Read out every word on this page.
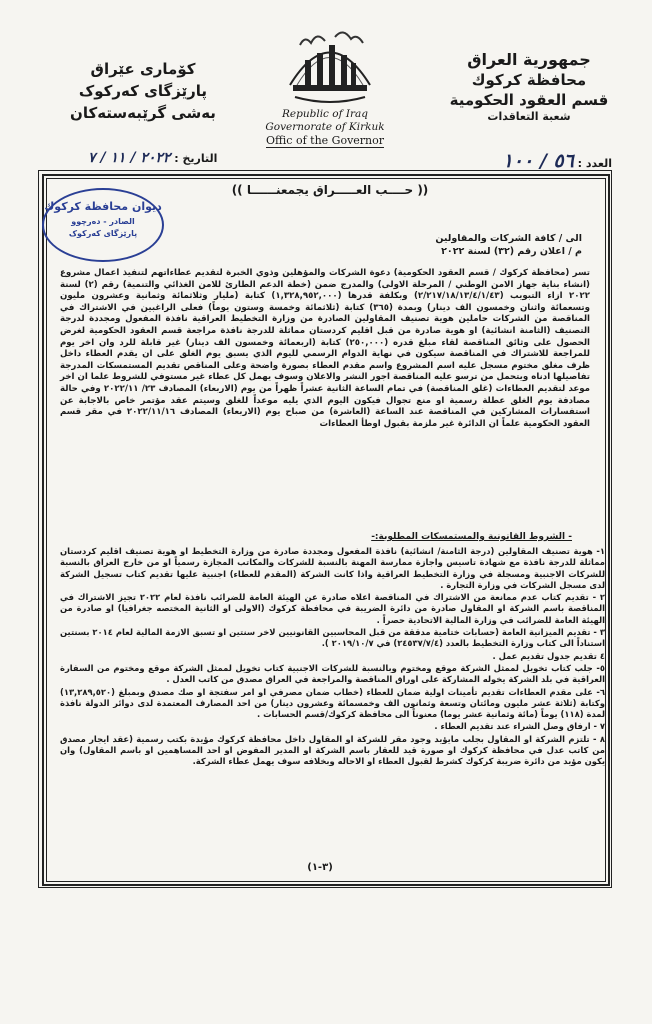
جمهورية العراق
محافظة كركوك
قسم العقود الحكومية
شعبة التعاقدات
کۆماری عێراق
پارێزگای کەرکوک
بەشی گرێبەستەکان	Republic of Iraq
Governorate of Kirkuk
Offic of the Governor
العدد : ٥٦ / ١٠٠
التاريخ : ٢٠٢٢ / ١١ / ٧
(( حــــب العـــــراق يجمعنــــــا ))
ديوان محافظة كركوك
الصادر - دەرچوو
پارێزگای کەرکوک	الى / كافة الشركات والمقاولين
م / اعلان رقم (٣٢) لسنة ٢٠٢٢
تسر (محافظة كركوك / قسم العقود الحكومية) دعوة الشركات والمؤهلين وذوي الخبرة لتقديم عطاءاتهم لتنفيذ اعمال مشروع (انشاء بناية جهاز الامن الوطني / المرحلة الاولى) والمدرج ضمن (خطة الدعم الطارئ للامن الغذائي والتنمية) رقم (٢) لسنة ٢٠٢٢ ازاء التبويب (٢/٢١٧/١٨/١٣/٤/١/٤٣) وبكلفة قدرها (١,٣٢٨,٩٥٢,٠٠٠) كتابة (مليار وثلاثمائة وثمانية وعشرون مليون وتسعمائة واثنان وخمسون الف دينار) وبمدة (٣٦٥) كتابة (ثلاثمائة وخمسة وستون يوماً) فعلى الراغبين في الاشتراك في المناقصة من الشركات حاملين هوية تصنيف المقاولين الصادرة من وزارة التخطيط العراقية نافذة المفعول ومجددة لدرجة التصنيف (الثامنة انشائية) او هوية صادرة من قبل اقليم كردستان مماثلة للدرجة نافذة مراجعة قسم العقود الحكومية لغرض الحصول على وثائق المناقصة لقاء مبلغ قدره (٢٥٠,٠٠٠) كتابة (اربعمائة وخمسون الف دينار) غير قابلة للرد وان اخر يوم للمراجعة للاشتراك في المناقصة سيكون في نهاية الدوام الرسمي لليوم الذي يسبق يوم الغلق على ان يقدم العطاء داخل ظرف مغلق مختوم مسجل عليه اسم المشروع واسم مقدم العطاء بصورة واضحة وعلى المناقص تقديم المستمسكات المدرجة تفاصيلها ادناه ويتحمل من ترسو عليه المناقصة اجور النشر والاعلان وسوف يهمل كل عطاء غير مستوفي للشروط علما ان اخر موعد لتقديم العطاءات (غلق المناقصة) في تمام الساعة الثانية عشراً ظهراً من يوم (الاربعاء) المصادف ٢٣/ ٢٠٢٢/١١ وفي حالة مصادفة يوم الغلق عطلة رسمية او منع تجوال فيكون اليوم الذي يليه موعداً للغلق وسيتم عقد مؤتمر خاص بالاجابة عن استفسارات المشاركين في المناقصة عند الساعة (العاشرة) من صباح يوم (الاربعاء) المصادف ٢٠٢٢/١١/١٦ في مقر قسم العقود الحكومية علماً ان الدائرة غير ملزمة بقبول اوطأ العطاءات
- الشروط القانونية والمستمسكات المطلوبة:-

١- هوية تصنيف المقاولين (درجة الثامنة/ انشائية) نافذة المفعول ومجددة صادرة من وزارة التخطيط او هوية تصنيف اقليم كردستان مماثلة للدرجة نافذة مع شهادة تاسيس واجازة ممارسة المهنة بالنسبة للشركات والمكاتب المجازة رسمياً او من خارج العراق بالنسبة للشركات الاجنبية ومسجلة في وزارة التخطيط العراقية واذا كانت الشركة (المقدم للعطاء) اجنبية عليها تقديم كتاب تسجيل الشركة لدى مسجل الشركات في وزارة التجارة .

٢ - تقديم كتاب عدم ممانعة من الاشتراك في المناقصة اعلاه صادرة عن الهيئة العامة للضرائب نافذة لعام ٢٠٢٢ تجيز الاشتراك في المناقصة باسم الشركة او المقاول صادرة من دائرة الضريبة في محافظة كركوك (الاولى او الثانية المختصه جغرافيا) او صادرة من الهيئة العامة للضرائب في وزارة المالية الاتحادية حصراً .

٣ - تقديم الميزانية العامة (حسابات ختامية مدققة من قبل المحاسبين القانونيين لاخر سنتين او تسبق الازمة المالية لعام ٢٠١٤ بسنتين استناداً الى كتاب وزارة التخطيط بالعدد (٢٤٥٣٧/٧/٤) في ٢٠١٩/١٠/٧ ).

٤ تقديم جدول تقديم عمل .

٥- جلب كتاب تخويل لممثل الشركة موقع ومختوم وبالنسبة للشركات الاجنبية كتاب تخويل لممثل الشركة موقع ومختوم من السفارة العراقية في بلد الشركة يخوله المشاركة على اوراق المناقصة والمراجعة في العراق مصدق من كاتب العدل .

٦- على مقدم العطاءات تقديم تأمينات اولية ضمان للعطاء (خطاب ضمان مصرفي او امر سفتجة او صك مصدق وبمبلغ (١٣,٢٨٩,٥٢٠) وكتابة (ثلاثة عشر مليون ومائتان وتسعة وثمانون الف وخمسمائة وعشرون دينار) من احد المصارف المعتمدة لدى دوائر الدولة نافذة لمدة (١١٨) يوماً (مائة وثمانية عشر يوما) معنوناً الى محافظة كركوك/قسم الحسابات .

٧ - ارفاق وصل الشراء عند تقديم العطاء .

٨ - تلتزم الشركة او المقاول بجلب مايؤيد وجود مقر للشركة او المقاول داخل محافظة كركوك مؤيدة بكتب رسمية (عقد ايجار مصدق من كاتب عدل في محافظة كركوك او صورة قيد للعقار باسم الشركة او المدير المفوض او احد المساهمين او باسم المقاول) وان يكون مؤيد من دائرة ضريبة كركوك كشرط لقبول العطاء او الاحاله وبخلافه سوف يهمل عطاء الشركة.

(٣-١)
